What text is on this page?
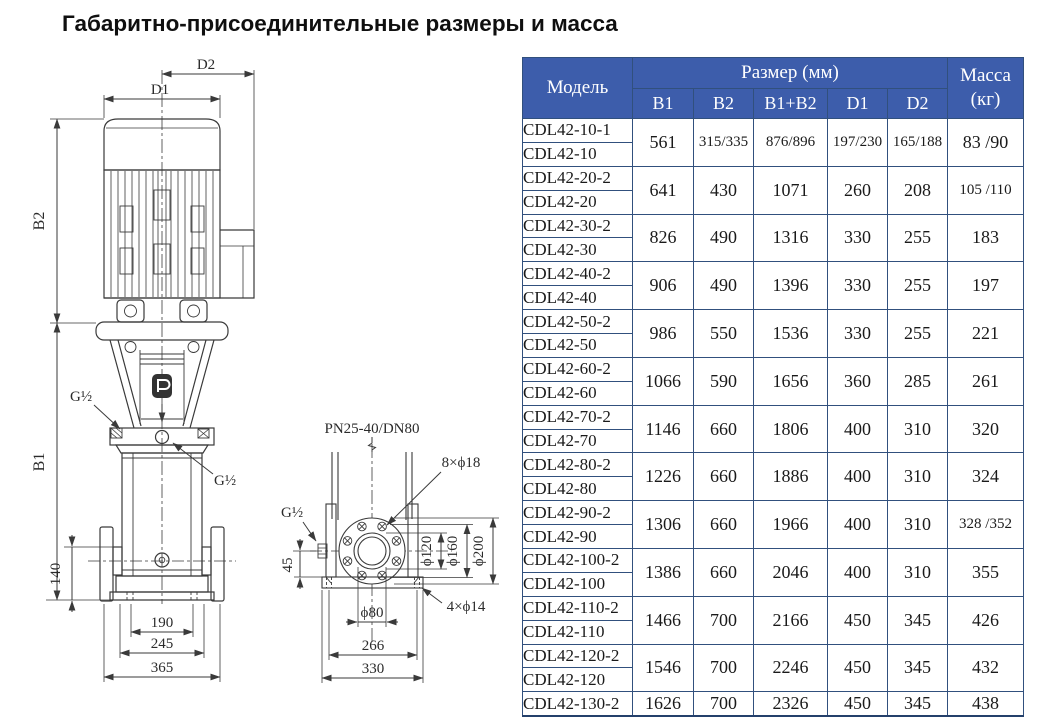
Габаритно-присоединительные размеры и масса
D2
D1
B2
B1
G½
G½
140
190
245
365
PN25-40/DN80
8×ϕ18
G½
45	ϕ120 ϕ160 ϕ200
ϕ80
266
330
4×ϕ14
Модель	Размер (мм)					Масса
(кг)

	B1	B2	B1+B2	D1	D2	
CDL42-10-1	561	315/335	876/896	197/230	165/188	83 /90
CDL42-10						
CDL42-20-2	641	430	1071	260	208	105 /110
CDL42-20						
CDL42-30-2	826	490	1316	330	255	183
CDL42-30						
CDL42-40-2	906	490	1396	330	255	197
CDL42-40						
CDL42-50-2	986	550	1536	330	255	221
CDL42-50						
CDL42-60-2	1066	590	1656	360	285	261
CDL42-60						
CDL42-70-2	1146	660	1806	400	310	320
CDL42-70						
CDL42-80-2	1226	660	1886	400	310	324
CDL42-80						
CDL42-90-2	1306	660	1966	400	310	328 /352
CDL42-90						
CDL42-100-2	1386	660	2046	400	310	355
CDL42-100						
CDL42-110-2	1466	700	2166	450	345	426
CDL42-110						
CDL42-120-2	1546	700	2246	450	345	432
CDL42-120						
CDL42-130-2	1626	700	2326	450	345	438
